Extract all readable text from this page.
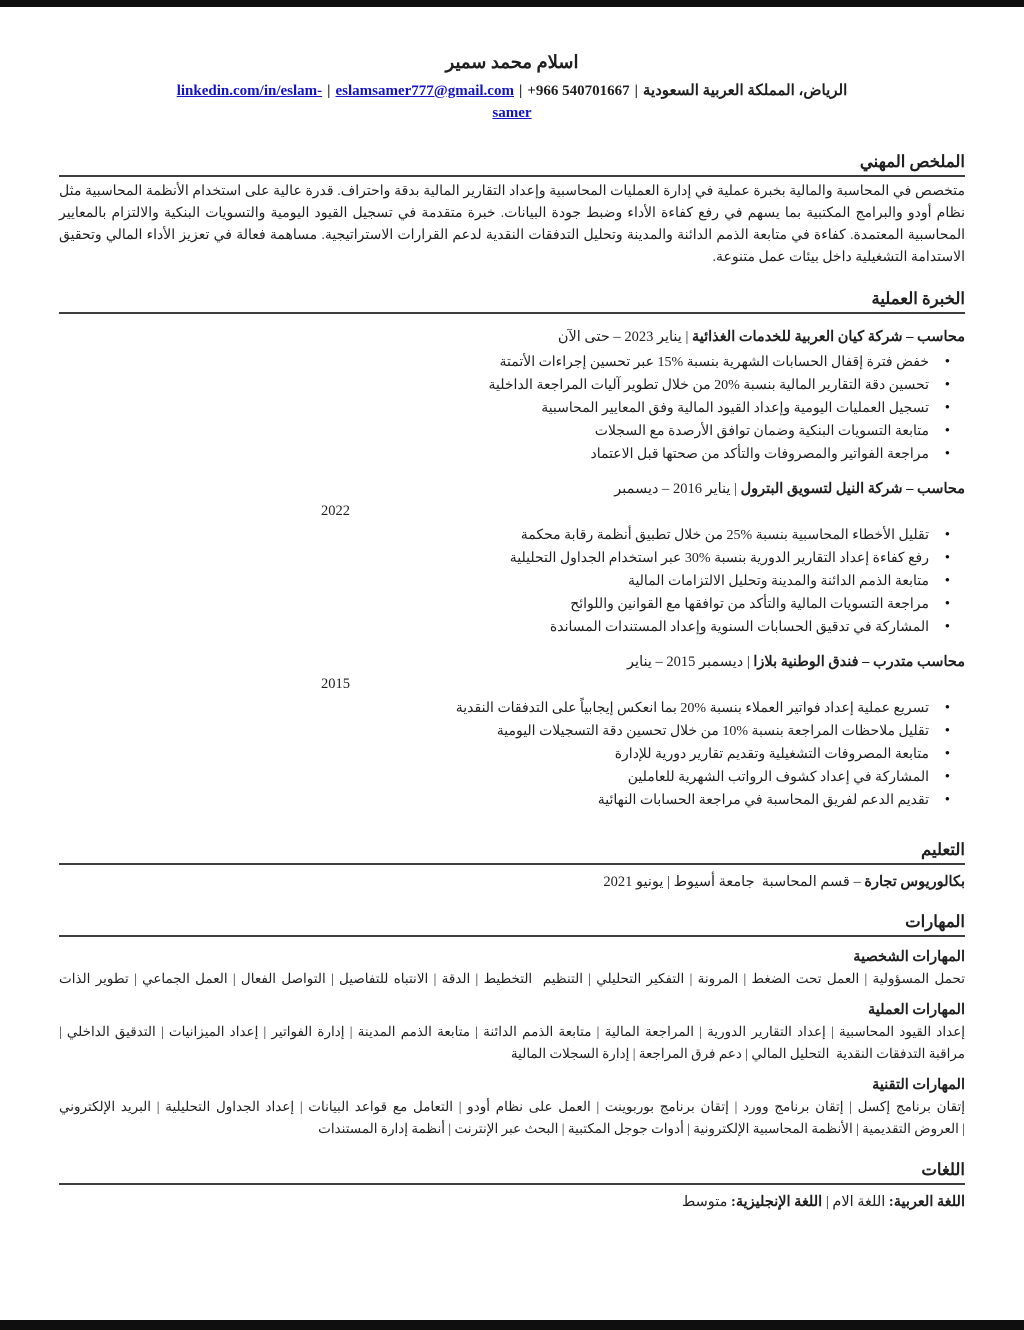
اسلام محمد سمير
linkedin.com/in/eslam- | eslamsamer777@gmail.com | +966 540701667 | الرياض، المملكة العربية السعودية
samer
الملخص المهني
متخصص في المحاسبة والمالية بخبرة عملية في إدارة العمليات المحاسبية وإعداد التقارير المالية بدقة واحتراف. قدرة عالية على استخدام الأنظمة المحاسبية مثل نظام أودو والبرامج المكتبية بما يسهم في رفع كفاءة الأداء وضبط جودة البيانات. خبرة متقدمة في تسجيل القيود اليومية والتسويات البنكية والالتزام بالمعايير المحاسبية المعتمدة. كفاءة في متابعة الذمم الدائنة والمدينة وتحليل التدفقات النقدية لدعم القرارات الاستراتيجية. مساهمة فعالة في تعزيز الأداء المالي وتحقيق الاستدامة التشغيلية داخل بيئات عمل متنوعة.
الخبرة العملية
محاسب – شركة كيان العربية للخدمات الغذائية | يناير 2023 – حتى الآن
• خفض فترة إقفال الحسابات الشهرية بنسبة %15 عبر تحسين إجراءات الأتمتة
• تحسين دقة التقارير المالية بنسبة %20 من خلال تطوير آليات المراجعة الداخلية
• تسجيل العمليات اليومية وإعداد القيود المالية وفق المعايير المحاسبية
• متابعة التسويات البنكية وضمان توافق الأرصدة مع السجلات
• مراجعة الفواتير والمصروفات والتأكد من صحتها قبل الاعتماد
محاسب – شركة النيل لتسويق البترول | يناير 2016 – ديسمبر
2022
• تقليل الأخطاء المحاسبية بنسبة %25 من خلال تطبيق أنظمة رقابة محكمة
• رفع كفاءة إعداد التقارير الدورية بنسبة %30 عبر استخدام الجداول التحليلية
• متابعة الذمم الدائنة والمدينة وتحليل الالتزامات المالية
• مراجعة التسويات المالية والتأكد من توافقها مع القوانين واللوائح
• المشاركة في تدقيق الحسابات السنوية وإعداد المستندات المساندة
محاسب متدرب – فندق الوطنية بلازا | ديسمبر 2015 – يناير
2015
• تسريع عملية إعداد فواتير العملاء بنسبة %20 بما انعكس إيجابياً على التدفقات النقدية
• تقليل ملاحظات المراجعة بنسبة %10 من خلال تحسين دقة التسجيلات اليومية
• متابعة المصروفات التشغيلية وتقديم تقارير دورية للإدارة
• المشاركة في إعداد كشوف الرواتب الشهرية للعاملين
• تقديم الدعم لفريق المحاسبة في مراجعة الحسابات النهائية
التعليم
بكالوريوس تجارة – قسم المحاسبة  جامعة أسيوط | يونيو 2021
المهارات
المهارات الشخصية
تحمل المسؤولية | العمل تحت الضغط | المرونة | التفكير التحليلي | التنظيم  التخطيط | الدقة | الانتباه للتفاصيل | التواصل الفعال | العمل الجماعي | تطوير الذات
المهارات العملية
إعداد القيود المحاسبية | إعداد التقارير الدورية | المراجعة المالية | متابعة الذمم الدائنة | متابعة الذمم المدينة | إدارة الفواتير | إعداد الميزانيات | التدقيق الداخلي |
مراقبة التدفقات النقدية  التحليل المالي | دعم فرق المراجعة | إدارة السجلات المالية
المهارات التقنية
إتقان برنامج إكسل | إتقان برنامج وورد | إتقان برنامج بوربوينت | العمل على نظام أودو | التعامل مع قواعد البيانات | إعداد الجداول التحليلية | البريد الإلكتروني
| العروض التقديمية | الأنظمة المحاسبية الإلكترونية | أدوات جوجل المكتبية | البحث عبر الإنترنت | أنظمة إدارة المستندات
اللغات
اللغة العربية: اللغة الام | اللغة الإنجليزية: متوسط
